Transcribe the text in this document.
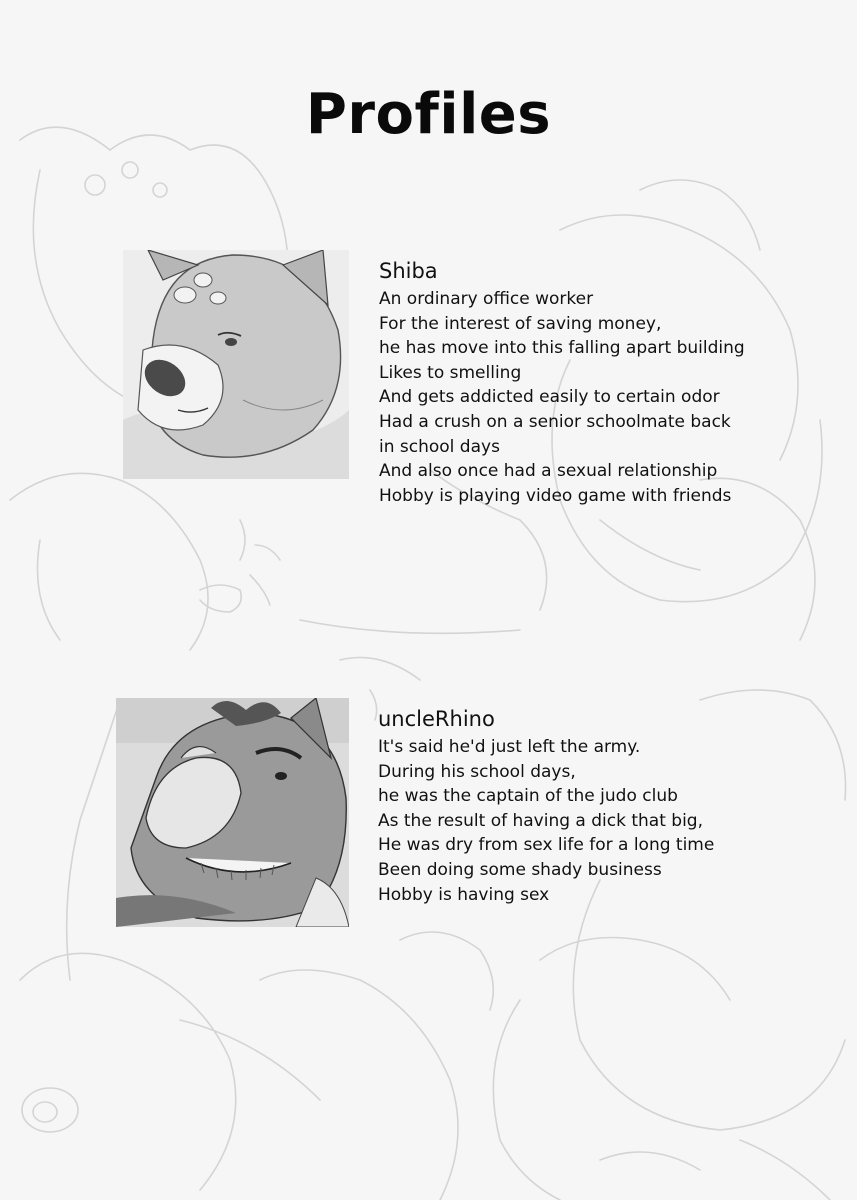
Profiles

Shiba

An ordinary office worker

For the interest of saving money,

he has move into this falling apart building

Likes to smelling

And gets addicted easily to certain odor

Had a crush on a senior schoolmate back

in school days

And also once had a sexual relationship

Hobby is playing video game with friends

uncleRhino

It's said he'd just left the army.

During his school days,

he was the captain of the judo club

As the result of having a dick that big,

He was dry from sex life for a long time

Been doing some shady business

Hobby is having sex
